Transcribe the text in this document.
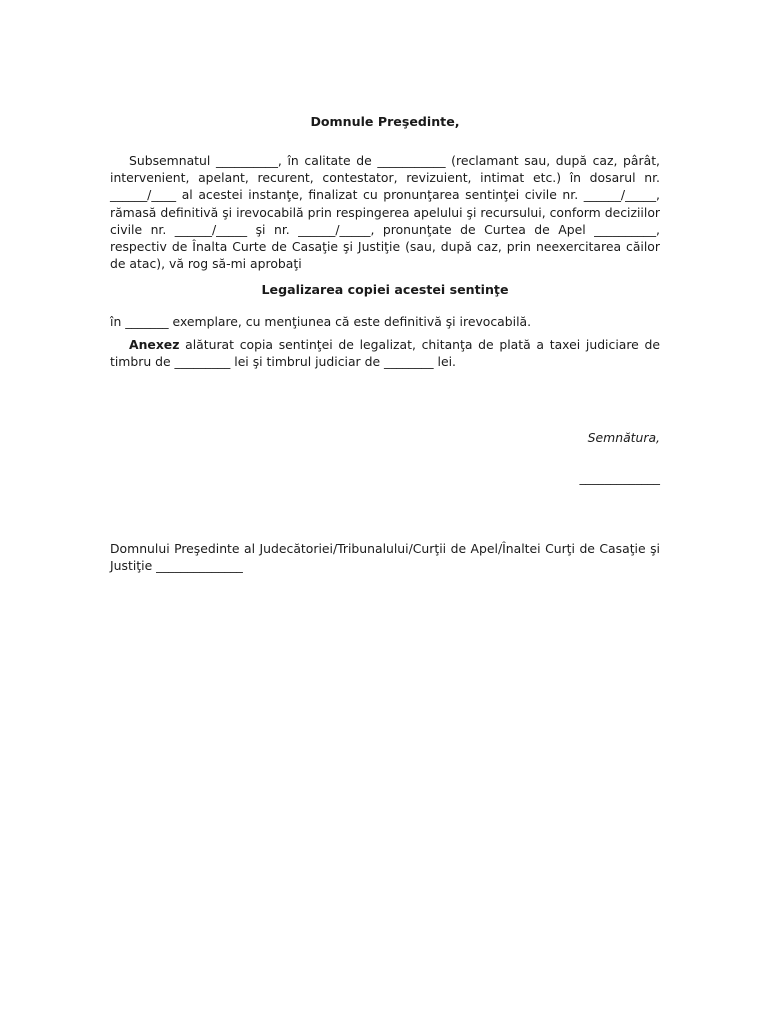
Domnule Preşedinte,
Subsemnatul __________, în calitate de ___________ (reclamant sau, după caz, pârât, intervenient, apelant, recurent, contestator, revizuient, intimat etc.) în dosarul nr. ______/____ al acestei instanţe, finalizat cu pronunţarea sentinţei civile nr. ______/_____, rămasă definitivă şi irevocabilă prin respingerea apelului şi recursului, conform deciziilor civile nr. ______/_____ şi nr. ______/_____, pronunţate de Curtea de Apel __________, respectiv de Înalta Curte de Casaţie şi Justiţie (sau, după caz, prin neexercitarea căilor de atac), vă rog să-mi aprobaţi
Legalizarea copiei acestei sentinţe
în _______ exemplare, cu menţiunea că este definitivă şi irevocabilă.
Anexez alăturat copia sentinţei de legalizat, chitanţa de plată a taxei judiciare de timbru de _________ lei şi timbrul judiciar de ________ lei.
Semnătura,
_____________
Domnului Preşedinte al Judecătoriei/Tribunalului/Curţii de Apel/Înaltei Curţi de Casaţie şi Justiţie ______________
